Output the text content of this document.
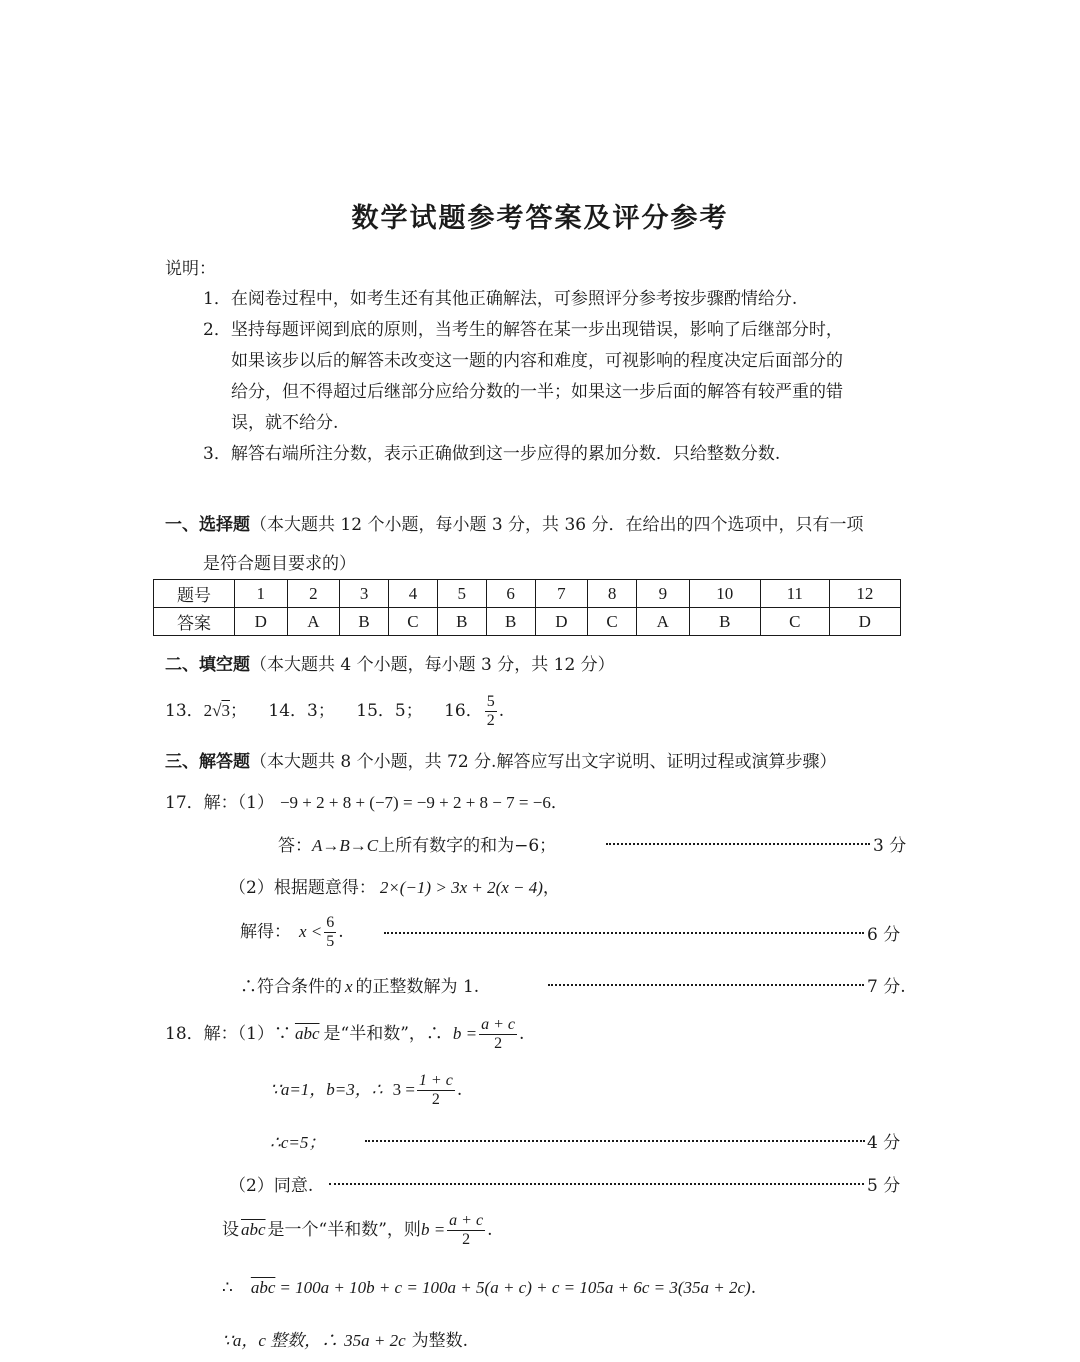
数学试题参考答案及评分参考
说明：
1．在阅卷过程中，如考生还有其他正确解法，可参照评分参考按步骤酌情给分.
2．坚持每题评阅到底的原则，当考生的解答在某一步出现错误，影响了后继部分时，
如果该步以后的解答未改变这一题的内容和难度，可视影响的程度决定后面部分的
给分，但不得超过后继部分应给分数的一半；如果这一步后面的解答有较严重的错
误，就不给分.
3．解答右端所注分数，表示正确做到这一步应得的累加分数．只给整数分数.
一、选择题（本大题共 12 个小题，每小题 3 分，共 36 分．在给出的四个选项中，只有一项
是符合题目要求的）
题号	1	2	3	4	5	6	7	8	9	10	11	12
答案	D	A	B	C	B	B	D	C	A	B	C	D
二、填空题（本大题共 4 个小题，每小题 3 分，共 12 分）
13．2√3； 14．3； 15．5； 16． $\frac{5}{2}$ .
三、解答题（本大题共 8 个小题，共 72 分.解答应写出文字说明、证明过程或演算步骤）
17．解：（1） −9 + 2 + 8 + (−7) = −9 + 2 + 8 − 7 = −6．
答：A→B→C上所有数字的和为−6；	3 分
（2）根据题意得： 2×(−1) > 3x + 2(x − 4)，
解得： $x < \frac{6}{5}$ .	6 分
∴符合条件的 x 的正整数解为 1.	7 分.
18．解：（1）∵ $\overline{abc}$ 是“半和数”，∴ $b = \frac{a + c}{2}$ .
∵a=1，b=3，∴ $3 = \frac{1 + c}{2}$ .
∴c=5；	4 分
（2）同意.	5 分
设 $\overline{abc}$ 是一个“半和数”，则$b = \frac{a + c}{2}$ .
∴ $\overline{abc} = 100a + 10b + c = 100a + 5(a + c) + c = 105a + 6c = 3(35a + 2c)$.
∵a，c 整数，∴ 35a + 2c 为整数.
